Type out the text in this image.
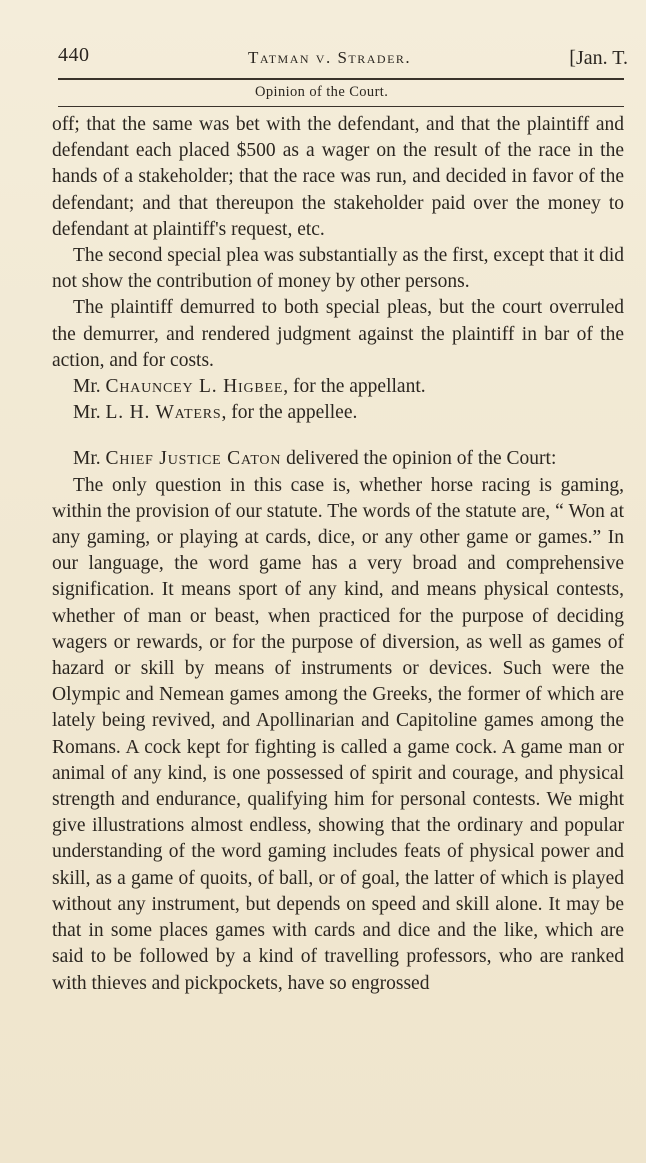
440	Tatman v. Strader.	[Jan. T.
Opinion of the Court.

off; that the same was bet with the defendant, and that the plaintiff and defendant each placed $500 as a wager on the result of the race in the hands of a stakeholder; that the race was run, and decided in favor of the defendant; and that thereupon the stakeholder paid over the money to defendant at plaintiff's request, etc.

The second special plea was substantially as the first, except that it did not show the contribution of money by other persons.

The plaintiff demurred to both special pleas, but the court overruled the demurrer, and rendered judgment against the plaintiff in bar of the action, and for costs.

Mr. Chauncey L. Higbee, for the appellant.

Mr. L. H. Waters, for the appellee.

Mr. Chief Justice Caton delivered the opinion of the Court:

The only question in this case is, whether horse racing is gaming, within the provision of our statute. The words of the statute are, “ Won at any gaming, or playing at cards, dice, or any other game or games.” In our language, the word game has a very broad and comprehensive signification. It means sport of any kind, and means physical contests, whether of man or beast, when practiced for the purpose of deciding wagers or rewards, or for the purpose of diversion, as well as games of hazard or skill by means of instruments or devices. Such were the Olympic and Nemean games among the Greeks, the former of which are lately being revived, and Apollinarian and Capitoline games among the Romans. A cock kept for fighting is called a game cock. A game man or animal of any kind, is one possessed of spirit and courage, and physical strength and endurance, qualifying him for personal contests. We might give illustrations almost endless, showing that the ordinary and popular understanding of the word gaming includes feats of physical power and skill, as a game of quoits, of ball, or of goal, the latter of which is played without any instrument, but depends on speed and skill alone. It may be that in some places games with cards and dice and the like, which are said to be followed by a kind of travelling professors, who are ranked with thieves and pickpockets, have so engrossed
